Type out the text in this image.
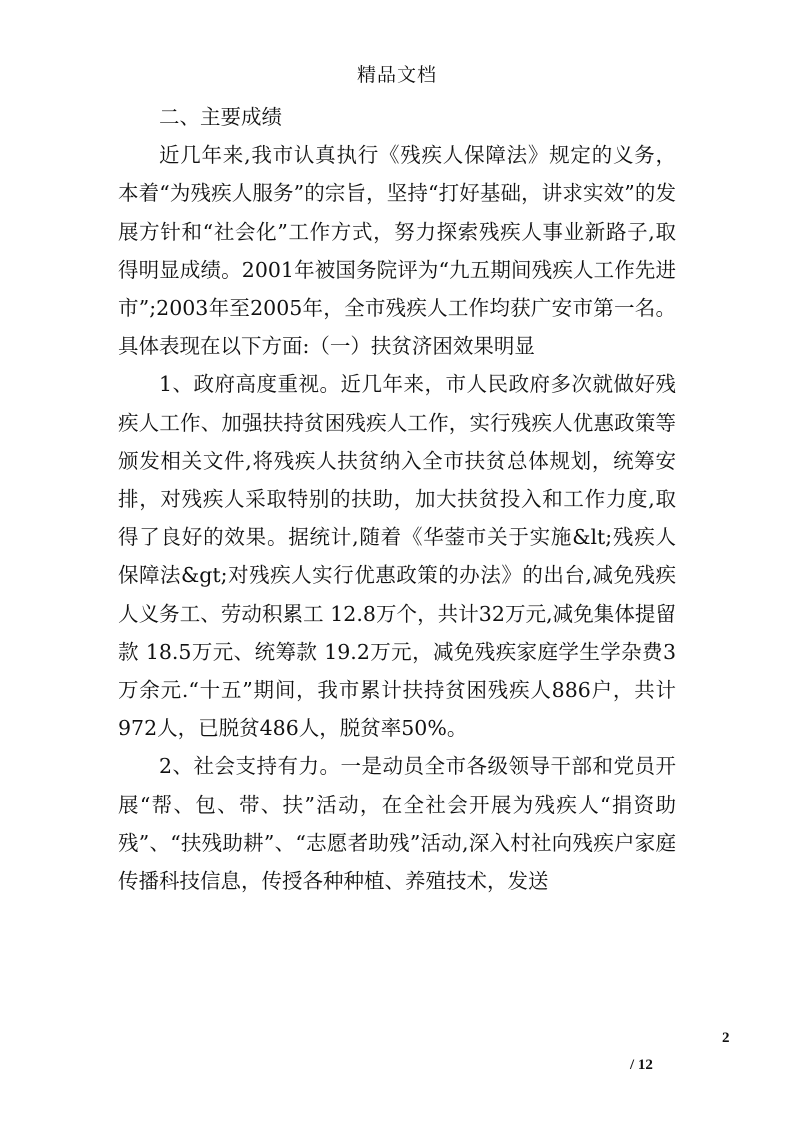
精品文档

二、主要成绩

近几年来,我市认真执行《残疾人保障法》规定的义务，本着“为残疾人服务”的宗旨，坚持“打好基础，讲求实效”的发展方针和“社会化”工作方式，努力探索残疾人事业新路子,取得明显成绩。2001年被国务院评为“九五期间残疾人工作先进市”;2003年至2005年，全市残疾人工作均获广安市第一名。具体表现在以下方面:（一）扶贫济困效果明显

1、政府高度重视。近几年来，市人民政府多次就做好残疾人工作、加强扶持贫困残疾人工作，实行残疾人优惠政策等颁发相关文件,将残疾人扶贫纳入全市扶贫总体规划，统筹安排，对残疾人采取特别的扶助，加大扶贫投入和工作力度,取得了良好的效果。据统计,随着《华蓥市关于实施&lt;残疾人保障法&gt;对残疾人实行优惠政策的办法》的出台,减免残疾人义务工、劳动积累工 12.8万个，共计32万元,减免集体提留款 18.5万元、统筹款 19.2万元，减免残疾家庭学生学杂费3万余元.“十五”期间，我市累计扶持贫困残疾人886户，共计972人，已脱贫486人，脱贫率50%。

2、社会支持有力。一是动员全市各级领导干部和党员开展“帮、包、带、扶”活动，在全社会开展为残疾人“捐资助残”、“扶残助耕”、“志愿者助残”活动,深入村社向残疾户家庭传播科技信息，传授各种种植、养殖技术，发送

2
/ 12
